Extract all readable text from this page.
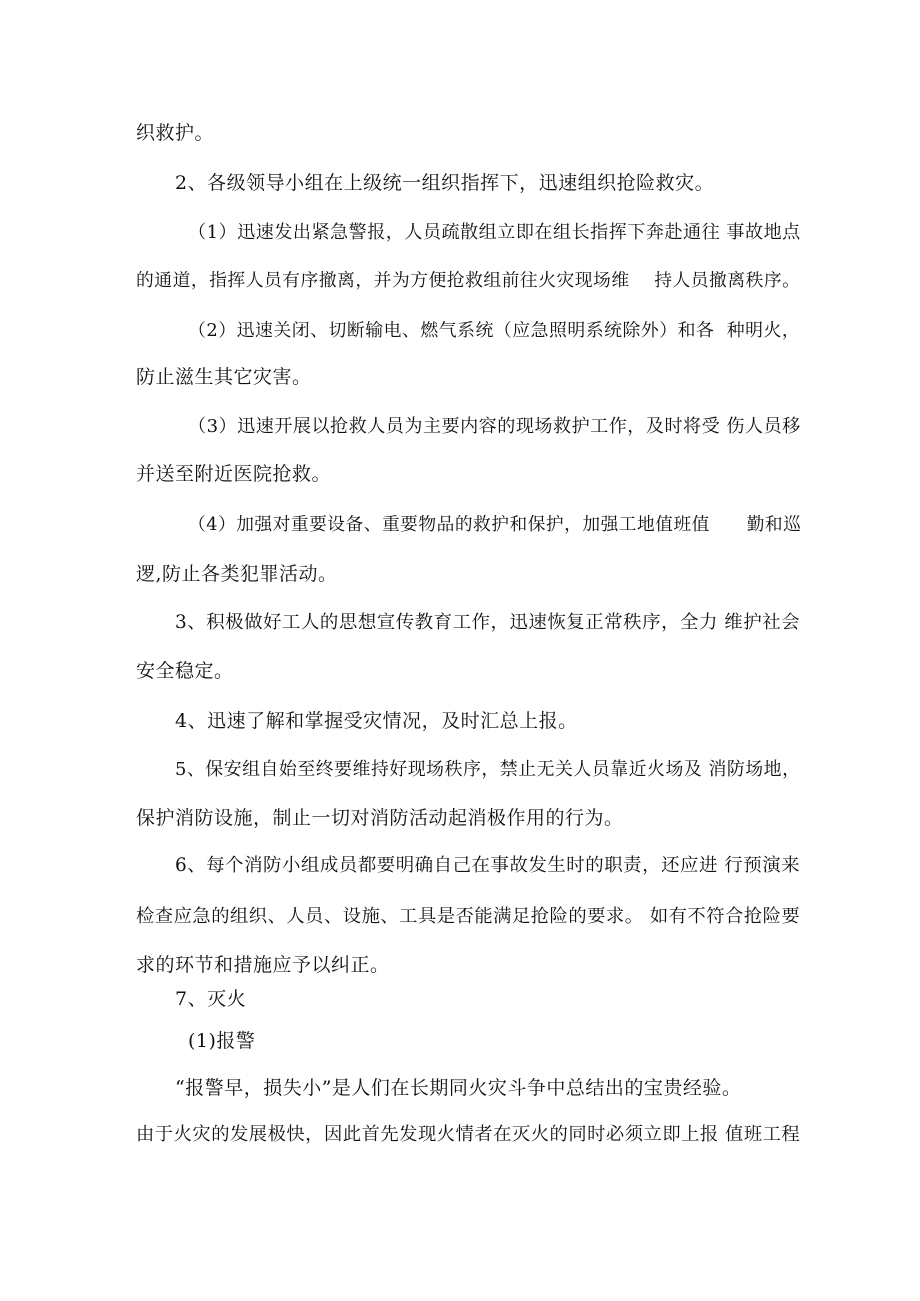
织救护。
2、各级领导小组在上级统一组织指挥下，迅速组织抢险救灾。
（1）迅速发出紧急警报，人员疏散组立即在组长指挥下奔赴通往 事故地点
的通道，指挥人员有序撤离，并为方便抢救组前往火灾现场维    持人员撤离秩序。
（2）迅速关闭、切断输电、燃气系统（应急照明系统除外）和各  种明火，
防止滋生其它灾害。
（3）迅速开展以抢救人员为主要内容的现场救护工作，及时将受 伤人员移
并送至附近医院抢救。
（4）加强对重要设备、重要物品的救护和保护，加强工地值班值      勤和巡
逻,防止各类犯罪活动。
3、积极做好工人的思想宣传教育工作，迅速恢复正常秩序，全力 维护社会
安全稳定。
4、迅速了解和掌握受灾情况，及时汇总上报。
5、保安组自始至终要维持好现场秩序，禁止无关人员靠近火场及 消防场地，
保护消防设施，制止一切对消防活动起消极作用的行为。
6、每个消防小组成员都要明确自己在事故发生时的职责，还应进 行预演来
检查应急的组织、人员、设施、工具是否能满足抢险的要求。 如有不符合抢险要
求的环节和措施应予以纠正。
7、灭火
(1)报警
“报警早，损失小”是人们在长期同火灾斗争中总结出的宝贵经验。
由于火灾的发展极快，因此首先发现火情者在灭火的同时必须立即上报 值班工程
